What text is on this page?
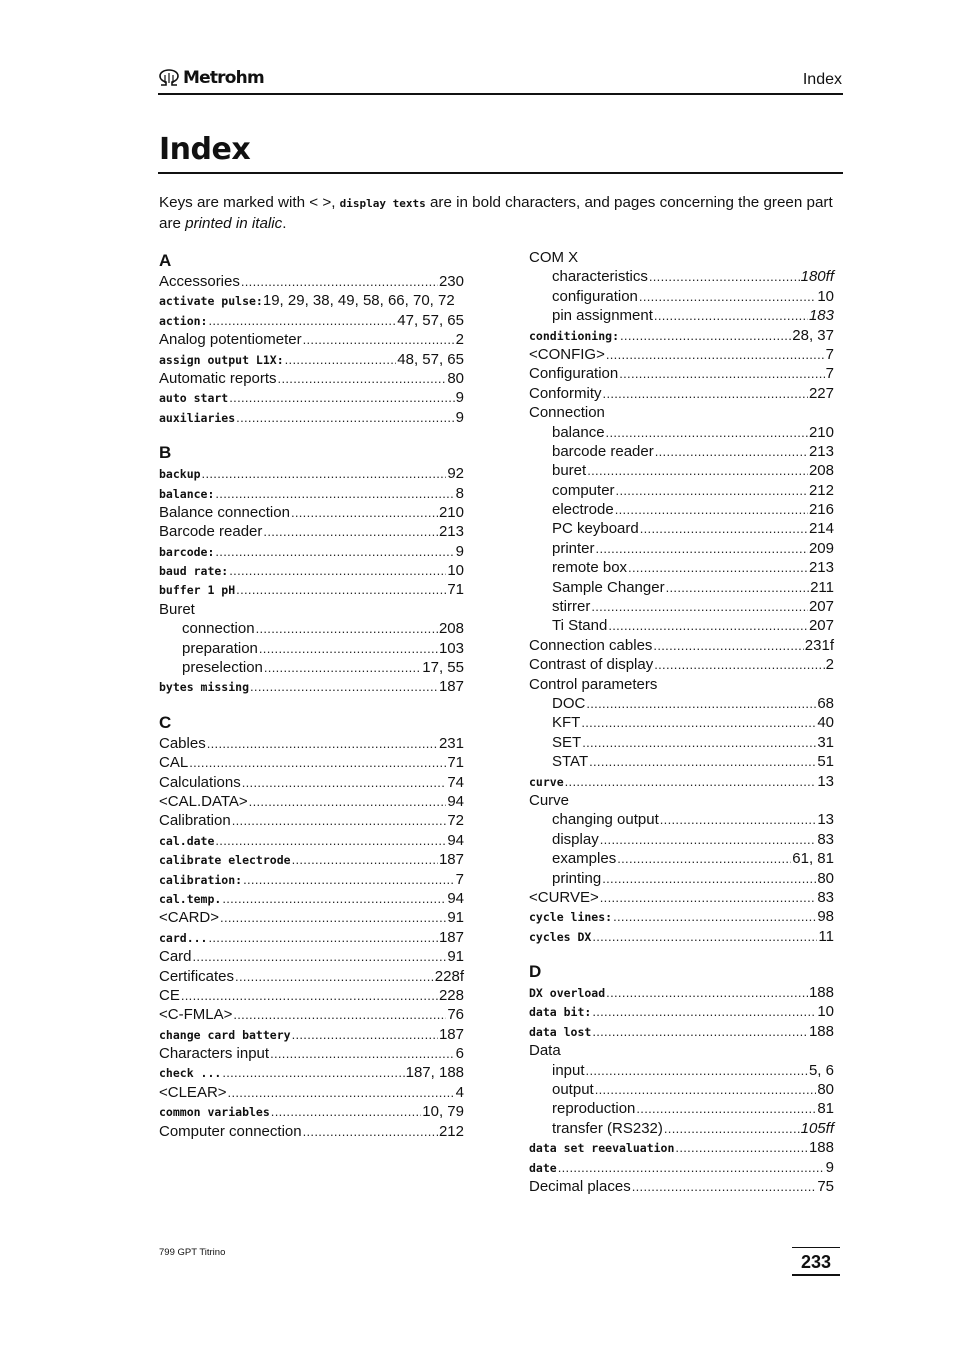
Metrohm	Index
Index
Keys are marked with < >, display texts are in bold characters, and pages concerning the green part are printed in italic.
A
Accessories .....	230
activate pulse: 19, 29, 38, 49, 58, 66, 70, 72
action: .....	47, 57, 65
Analog potentiometer .....	2
assign output L1X: .....	48, 57, 65
Automatic reports .....	80
auto start .....	9
auxiliaries .....	9
B
backup .....	92
balance: .....	8
Balance connection .....	210
Barcode reader .....	213
barcode: .....	9
baud rate: .....	10
buffer 1 pH .....	71
Buret
connection .....	208
preparation .....	103
preselection .....	17, 55
bytes missing .....	187
C
Cables .....	231
CAL .....	71
Calculations .....	74
<CAL.DATA> .....	94
Calibration .....	72
cal.date .....	94
calibrate electrode .....	187
calibration: .....	7
cal.temp. .....	94
<CARD> .....	91
card... .....	187
Card .....	91
Certificates .....	228f
CE .....	228
<C-FMLA> .....	76
change card battery .....	187
Characters input .....	6
check ... .....	187, 188
<CLEAR> .....	4
common variables .....	10, 79
Computer connection .....	212
COM X
characteristics .....	180ff
configuration .....	10
pin assignment .....	183
conditioning: .....	28, 37
<CONFIG> .....	7
Configuration .....	7
Conformity .....	227
Connection
balance .....	210
barcode reader .....	213
buret .....	208
computer .....	212
electrode .....	216
PC keyboard .....	214
printer .....	209
remote box .....	213
Sample Changer .....	211
stirrer .....	207
Ti Stand .....	207
Connection cables .....	231f
Contrast of display .....	2
Control parameters
DOC .....	68
KFT .....	40
SET .....	31
STAT .....	51
curve .....	13
Curve
changing output .....	13
display .....	83
examples .....	61, 81
printing .....	80
<CURVE> .....	83
cycle lines: .....	98
cycles DX .....	11
D
DX overload .....	188
data bit: .....	10
data lost .....	188
Data
input .....	5, 6
output .....	80
reproduction .....	81
transfer (RS232) .....	105ff
data set reevaluation .....	188
date .....	9
Decimal places .....	75
799 GPT Titrino	233
